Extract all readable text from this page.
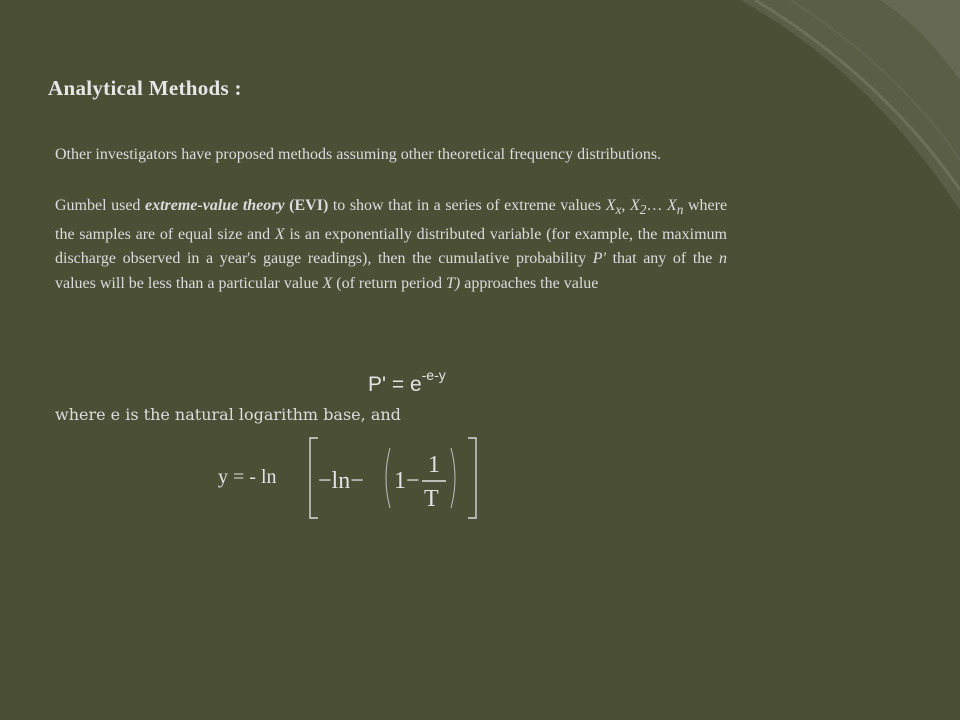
Analytical Methods :
Other investigators have proposed methods assuming other theoretical frequency distributions.
Gumbel used extreme-value theory (EVI) to show that in a series of extreme values $X_x$, $X_2\dots$ $X_n$ where the samples are of equal size and X is an exponentially distributed variable (for example, the maximum discharge observed in a year's gauge readings), then the cumulative probability P' that any of the n values will be less than a particular value X (of return period T) approaches the value
$P' = e^{-e-y}$
where e is the natural logarithm base, and
y = - ln −ln− 1−
1
T
